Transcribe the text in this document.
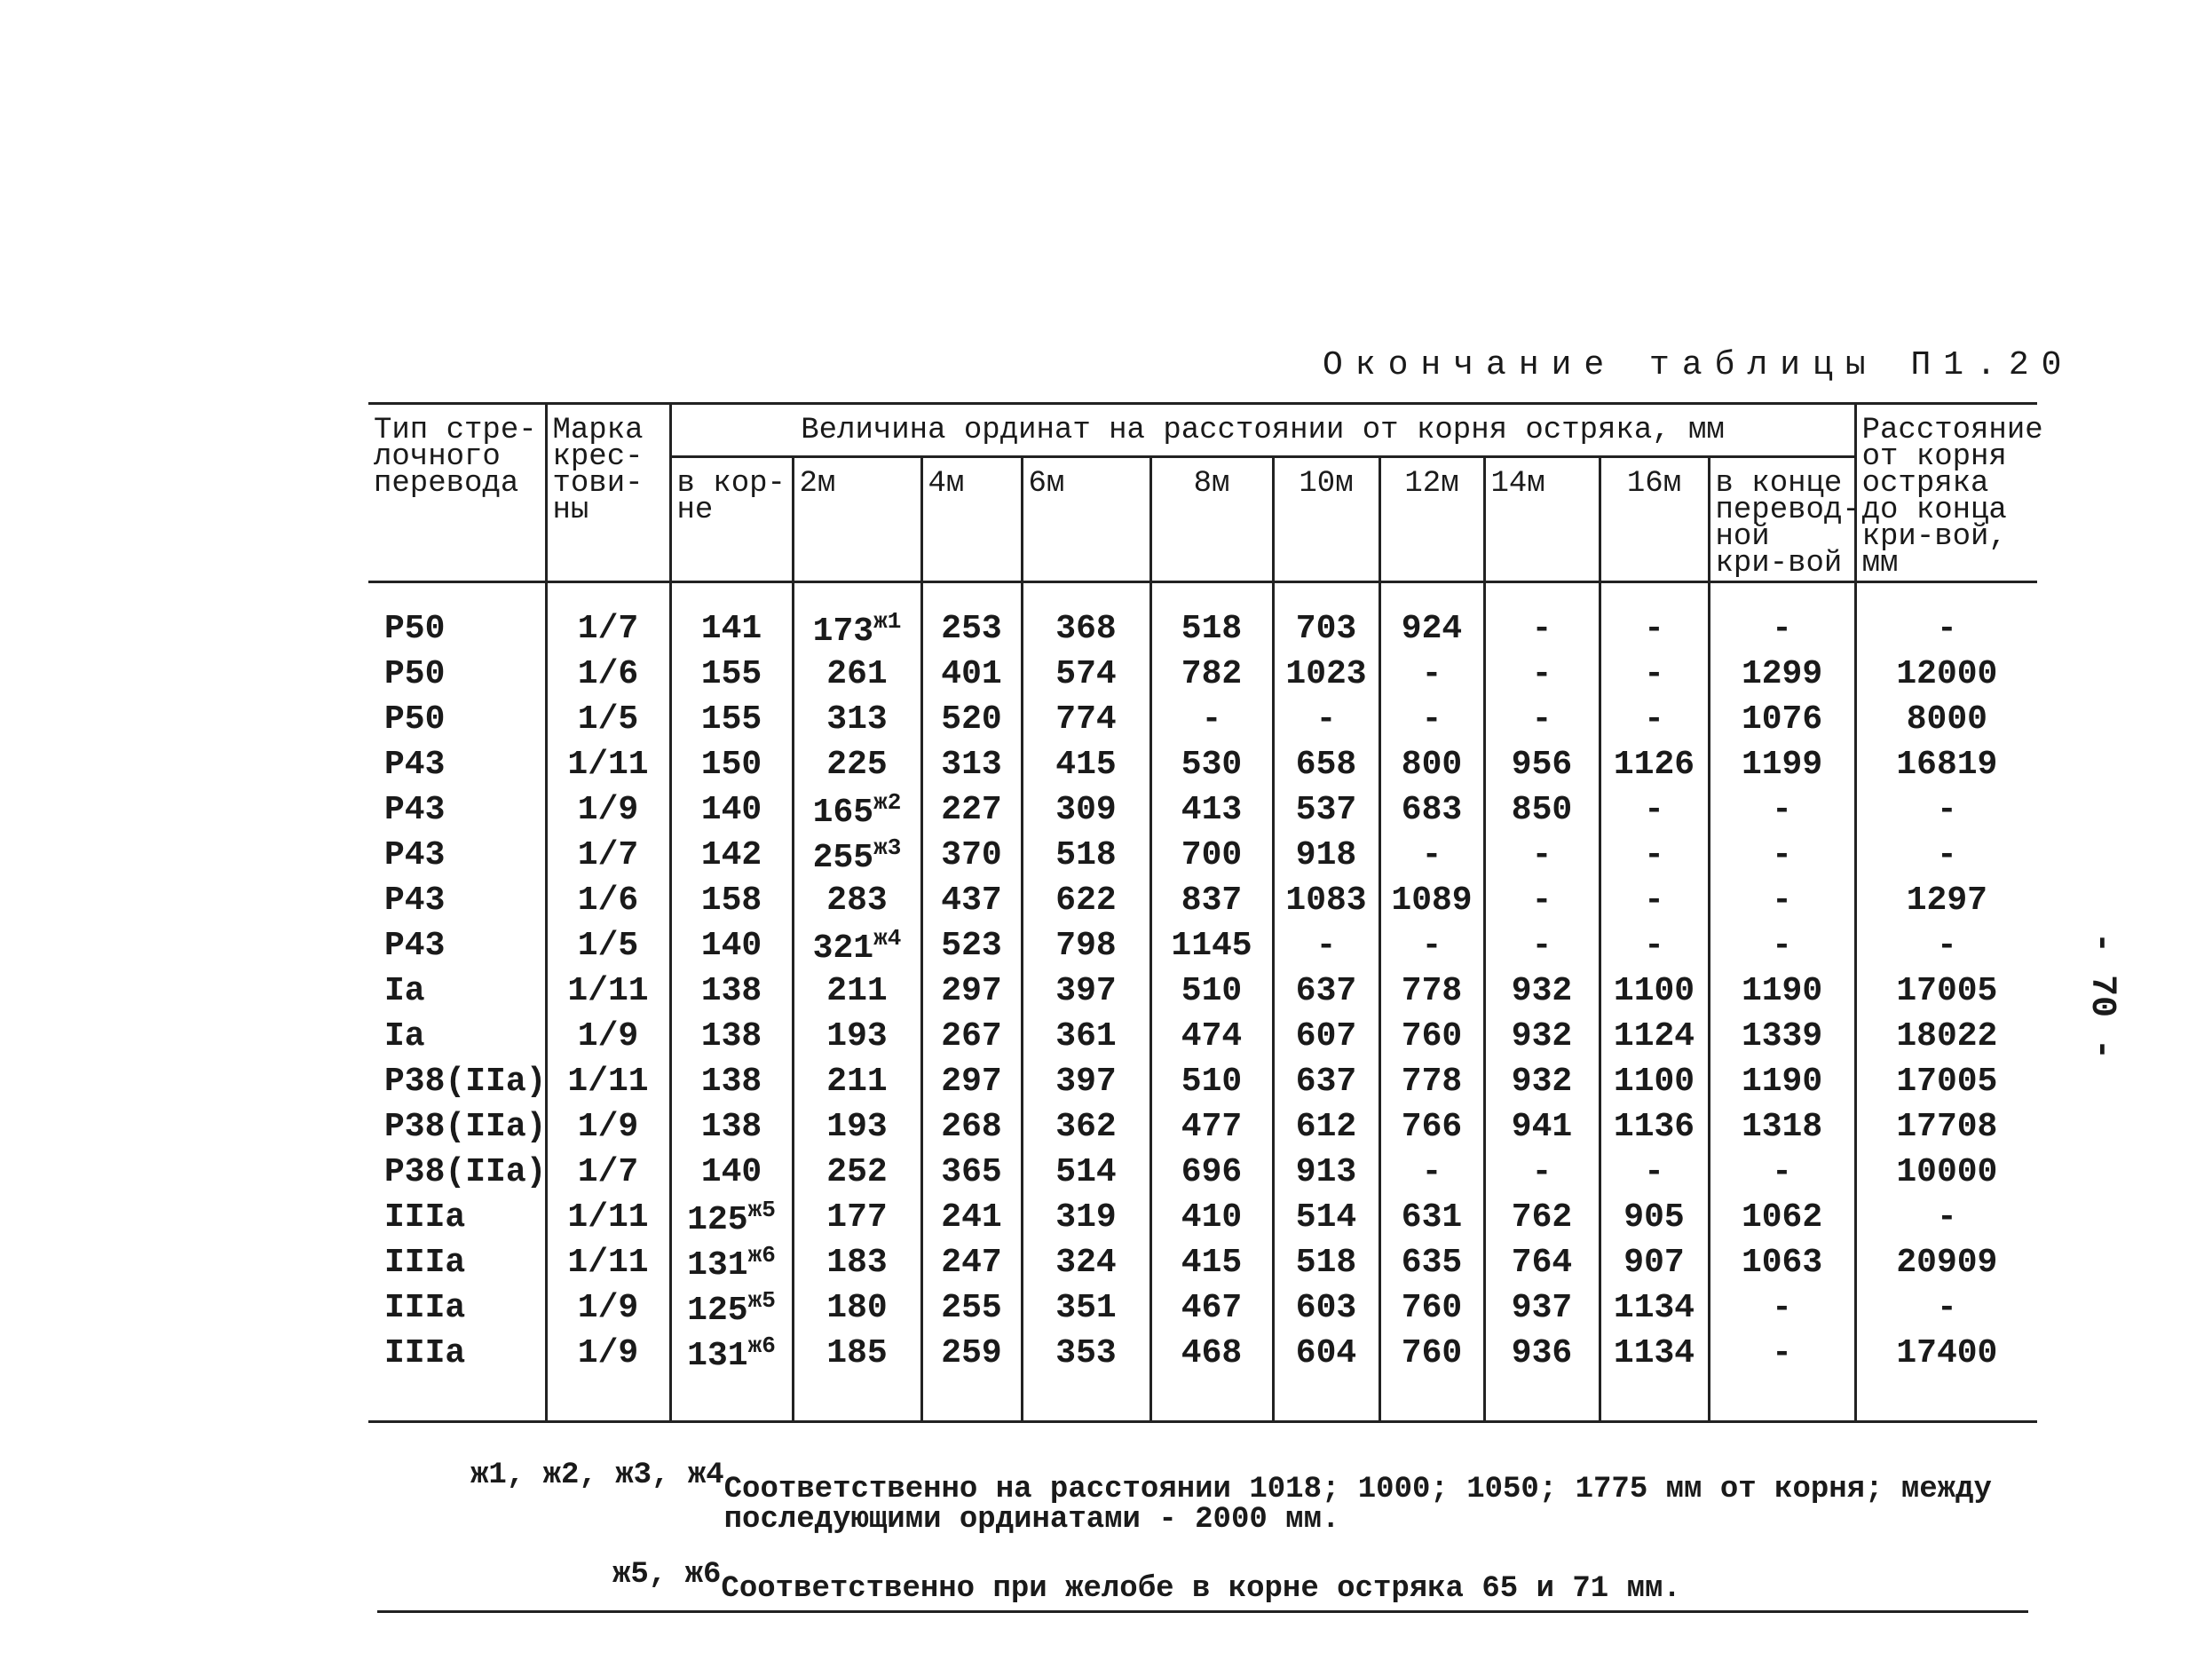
Окончание таблицы П1.20
- 70 -
Тип стре-лочного перевода	Марка крес-тови-ны	Величина ординат на расстоянии от корня остряка, мм										Расстояние от корня остряка до конца кри-вой, мм
		в кор-не	2м	4м	6м	8м	10м	12м	14м	16м	в конце перевод-ной кри-вой	
Р50	1/7	141	$173^{ж1}$	253	368	518	703	924	-	-	-	-
Р50	1/6	155	261	401	574	782	1023	-	-	-	1299	12000
Р50	1/5	155	313	520	774	-	-	-	-	-	1076	8000
Р43	1/11	150	225	313	415	530	658	800	956	1126	1199	16819
Р43	1/9	140	$165^{ж2}$	227	309	413	537	683	850	-	-	-
Р43	1/7	142	$255^{ж3}$	370	518	700	918	-	-	-	-	-
Р43	1/6	158	283	437	622	837	1083	1089	-	-	-	1297
Р43	1/5	140	$321^{ж4}$	523	798	1145	-	-	-	-	-	-
Iа	1/11	138	211	297	397	510	637	778	932	1100	1190	17005
Iа	1/9	138	193	267	361	474	607	760	932	1124	1339	18022
Р38(IIа)	1/11	138	211	297	397	510	637	778	932	1100	1190	17005
Р38(IIа)	1/9	138	193	268	362	477	612	766	941	1136	1318	17708
Р38(IIа)	1/7	140	252	365	514	696	913	-	-	-	-	10000
IIIа	1/11	$125^{ж5}$	177	241	319	410	514	631	762	905	1062	-
IIIа	1/11	$131^{ж6}$	183	247	324	415	518	635	764	907	1063	20909
IIIа	1/9	$125^{ж5}$	180	255	351	467	603	760	937	1134	-	-
IIIа	1/9	$131^{ж6}$	185	259	353	468	604	760	936	1134	-	17400
ж1, ж2, ж3, ж4 Соответственно на расстоянии 1018; 1000; 1050; 1775 мм от корня; между последующими ординатами - 2000 мм.
ж5, ж6 Соответственно при желобе в корне остряка 65 и 71 мм.
